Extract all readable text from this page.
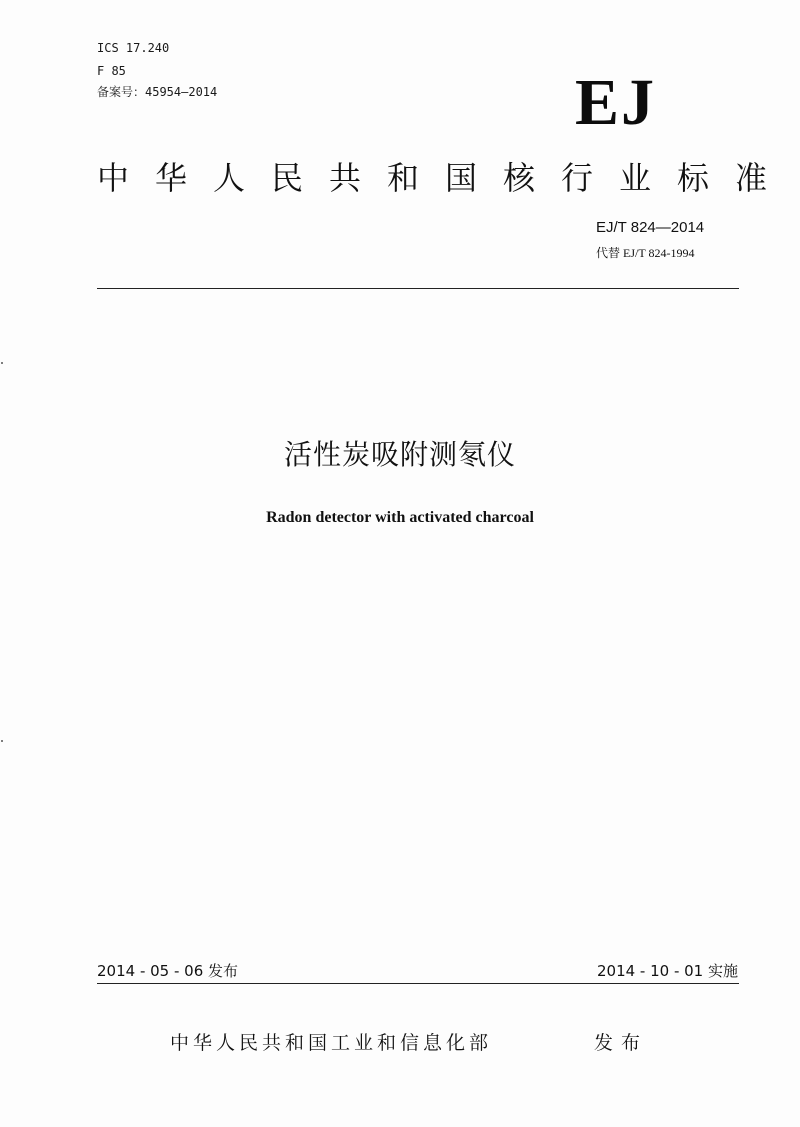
ICS 17.240
F 85
备案号：45954—2014	EJ
中华人民共和国核行业标准
EJ/T 824—2014
代替 EJ/T 824-1994
活性炭吸附测氡仪
Radon detector with activated charcoal
2014 - 05 - 06 发布	2014 - 10 - 01 实施
中华人民共和国工业和信息化部	发布
